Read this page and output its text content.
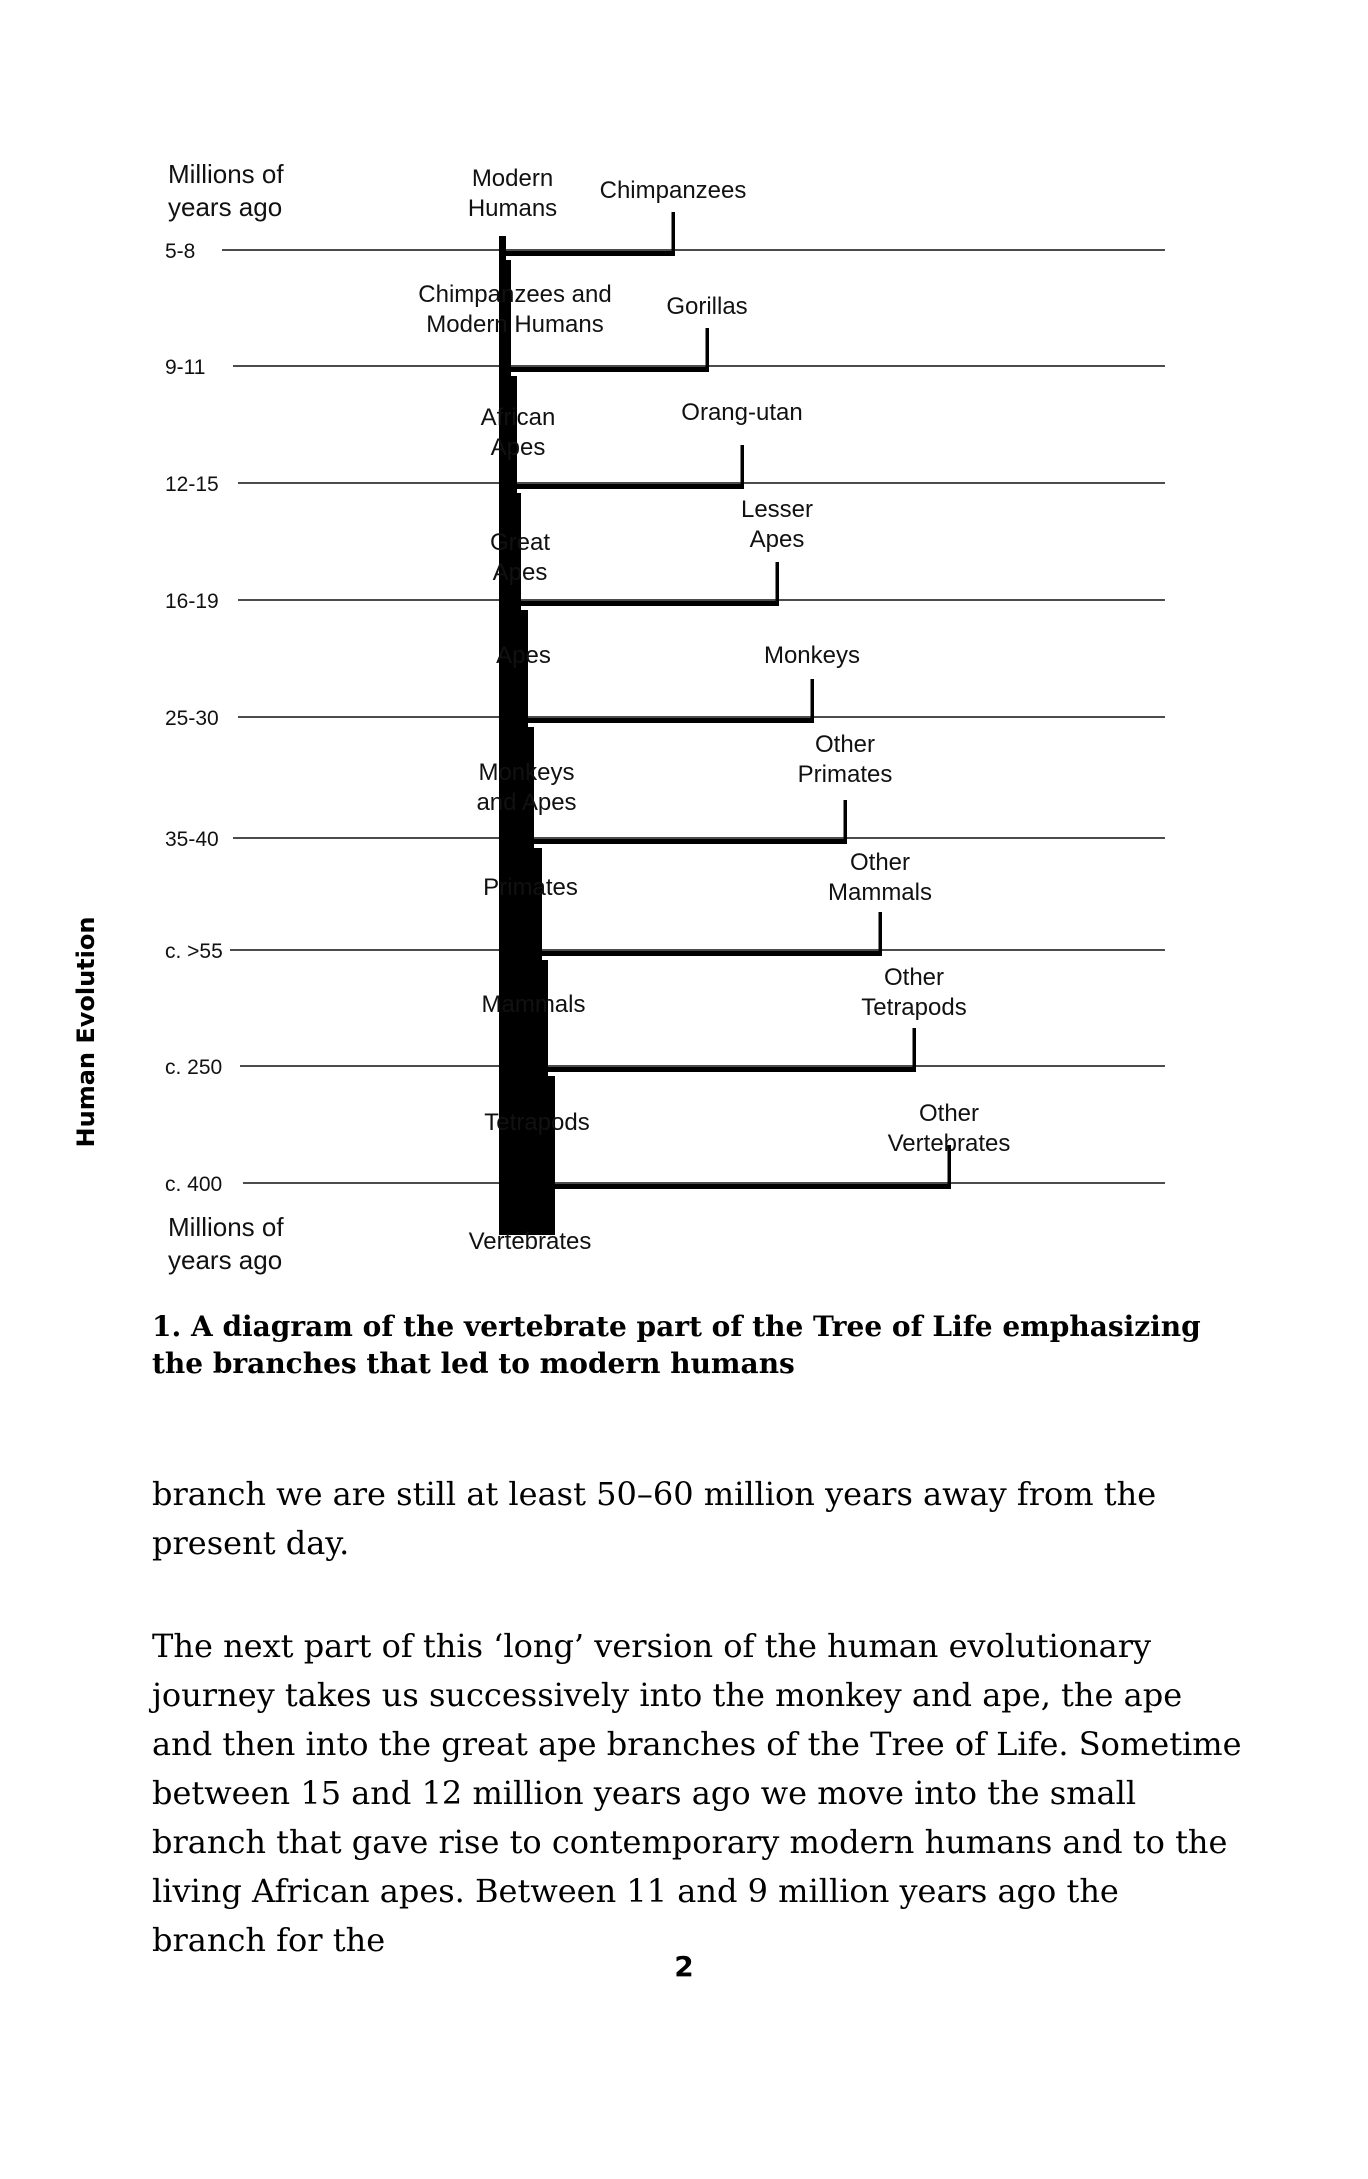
Millions of
years ago
5-8
Modern
Humans
Chimpanzees
9-11
Chimpanzees and
Modern Humans
Gorillas
12-15
African
Apes
Orang-utan
16-19
Great
Apes
Lesser
Apes
25-30
Apes	Monkeys
35-40
Monkeys
and Apes
Other
Primates
c. >55
Primates
Other
Mammals
c. 250
Mammals
Other
Tetrapods
c. 400
Tetrapods	Other
Vertebrates
Millions of
years ago
Vertebrates
Human Evolution
1. A diagram of the vertebrate part of the Tree of Life emphasizing the branches that led to modern humans

branch we are still at least 50–60 million years away from the present day.

The next part of this ‘long’ version of the human evolutionary journey takes us successively into the monkey and ape, the ape and then into the great ape branches of the Tree of Life. Sometime between 15 and 12 million years ago we move into the small branch that gave rise to contemporary modern humans and to the living African apes. Between 11 and 9 million years ago the branch for the

2
